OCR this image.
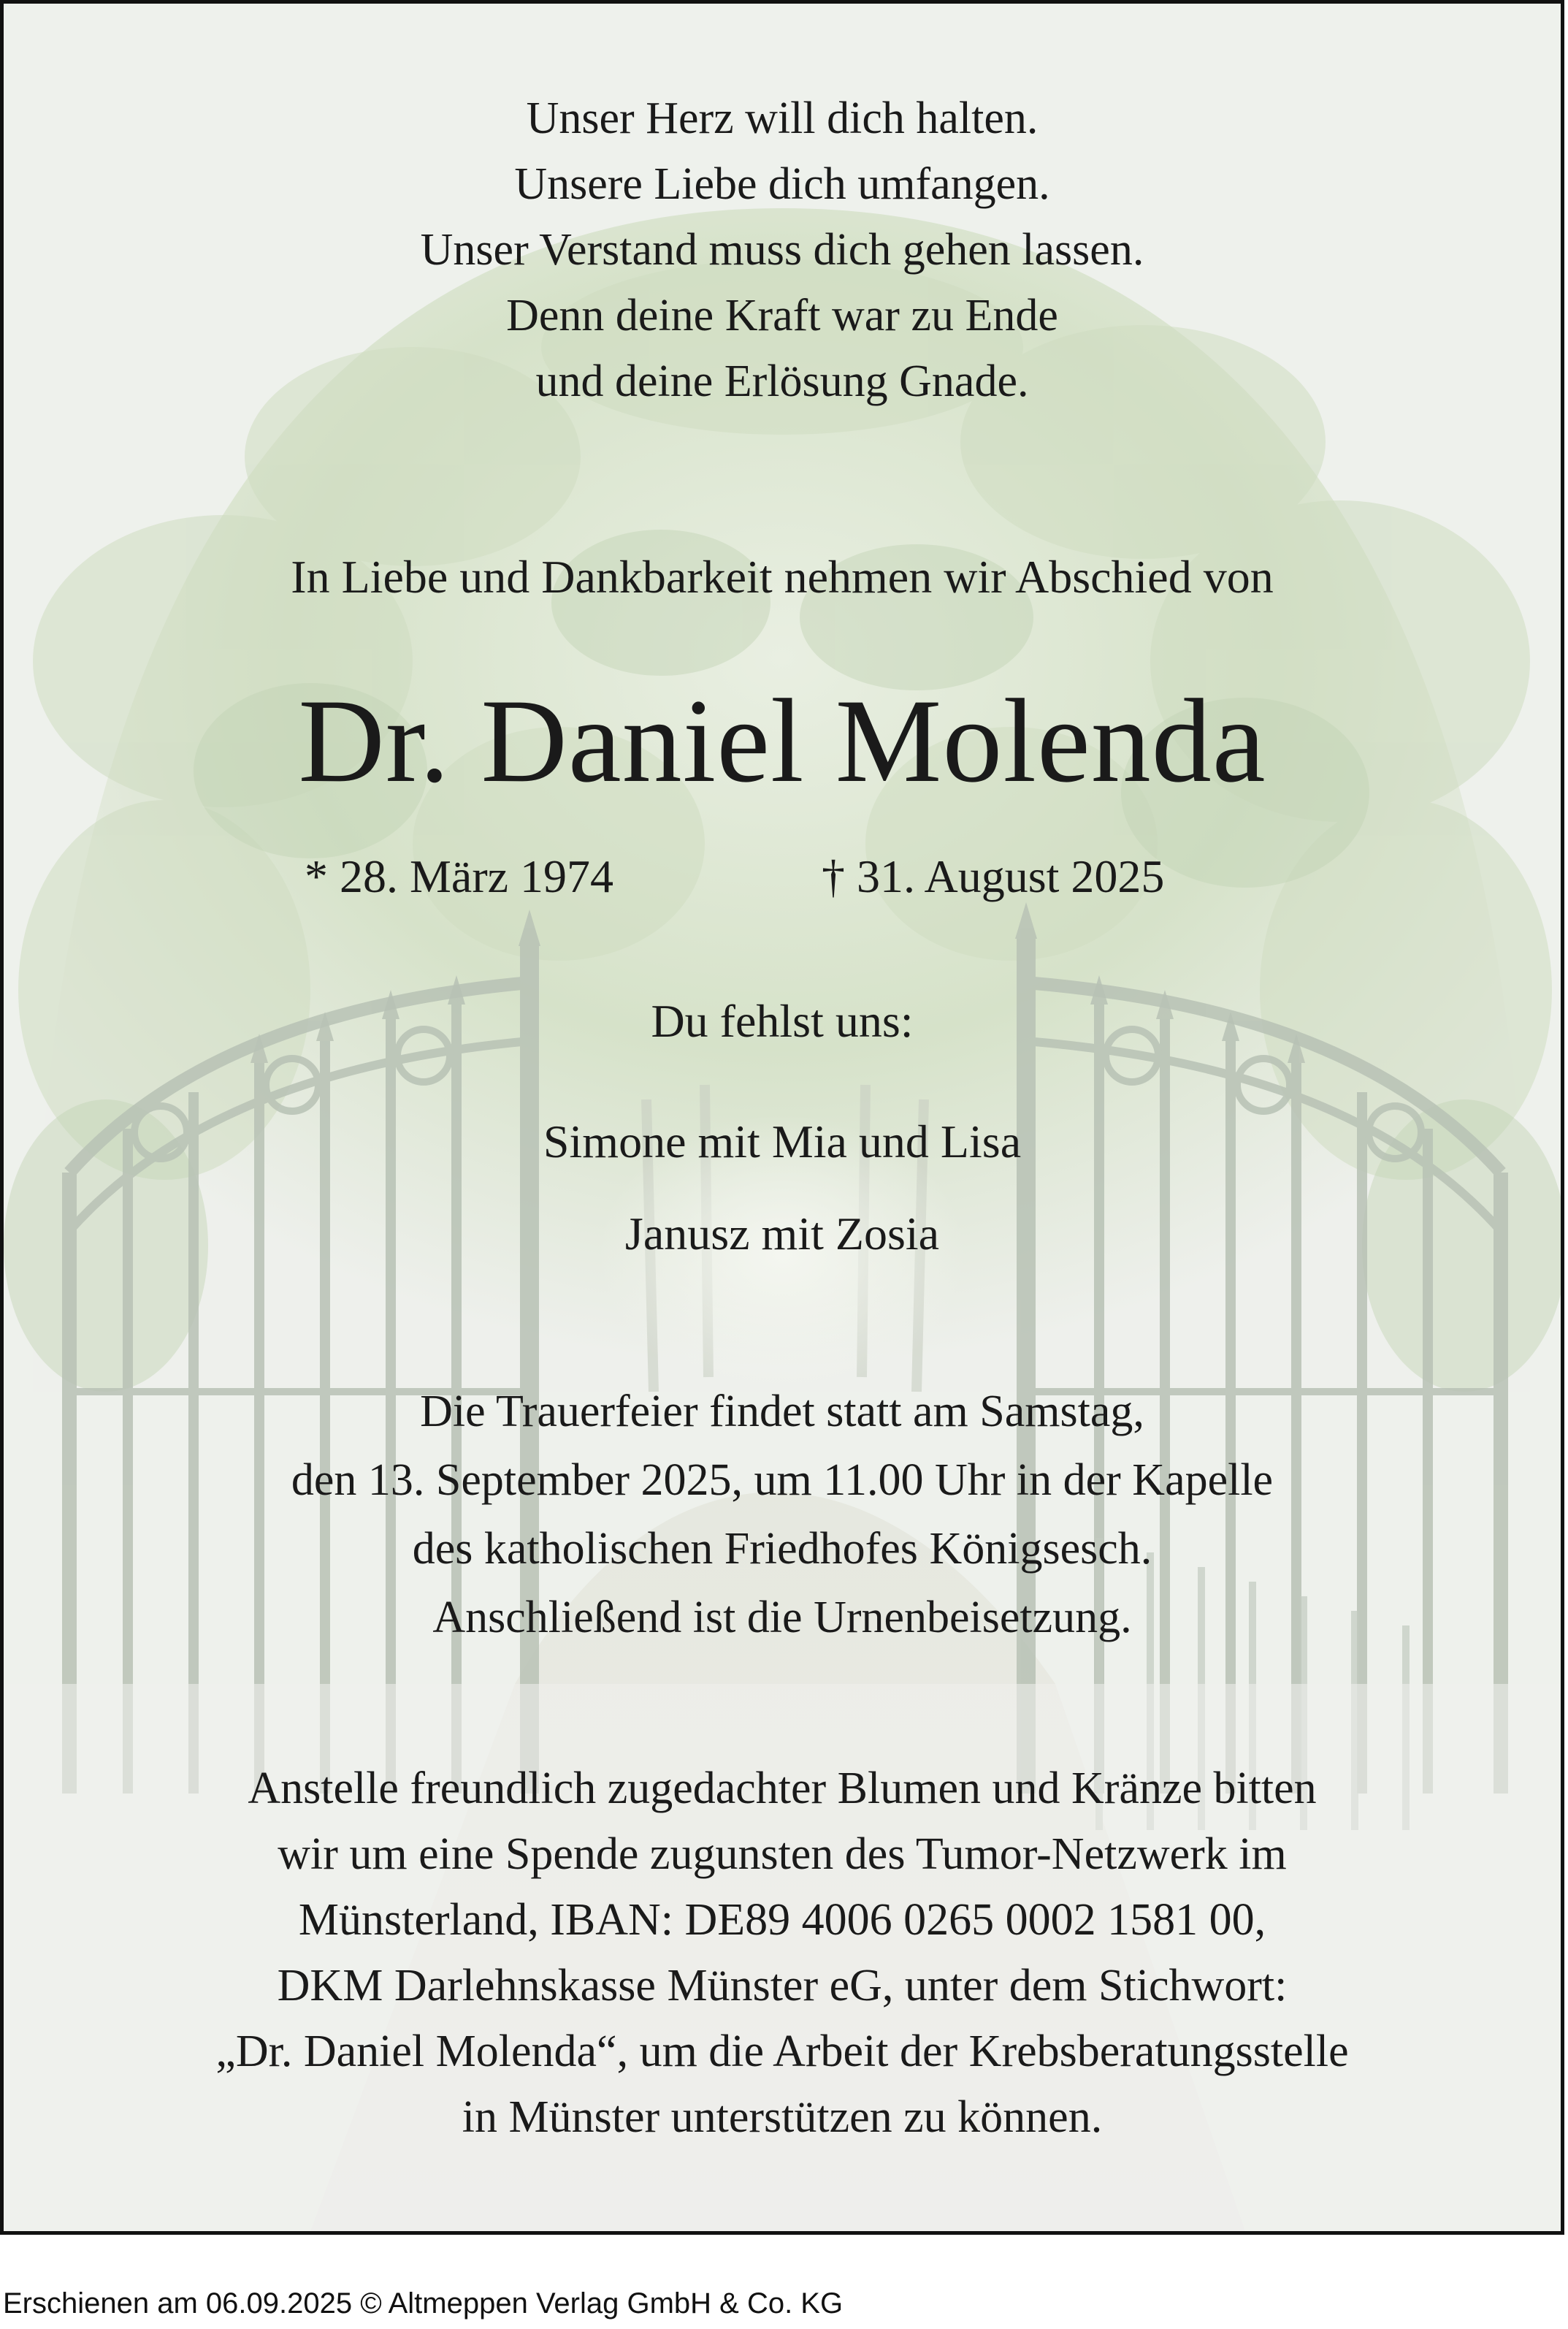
Unser Herz will dich halten.
Unsere Liebe dich umfangen.
Unser Verstand muss dich gehen lassen.
Denn deine Kraft war zu Ende
und deine Erlösung Gnade.
In Liebe und Dankbarkeit nehmen wir Abschied von
Dr. Daniel Molenda
* 28. März 1974	† 31. August 2025
Du fehlst uns:
Simone mit Mia und Lisa
Janusz mit Zosia
Die Trauerfeier findet statt am Samstag,
den 13. September 2025, um 11.00 Uhr in der Kapelle
des katholischen Friedhofes Königsesch.
Anschließend ist die Urnenbeisetzung.
Anstelle freundlich zugedachter Blumen und Kränze bitten
wir um eine Spende zugunsten des Tumor-Netzwerk im
Münsterland, IBAN: DE89 4006 0265 0002 1581 00,
DKM Darlehnskasse Münster eG, unter dem Stichwort:
„Dr. Daniel Molenda“, um die Arbeit der Krebsberatungsstelle
in Münster unterstützen zu können.
Erschienen am 06.09.2025 © Altmeppen Verlag GmbH & Co. KG
